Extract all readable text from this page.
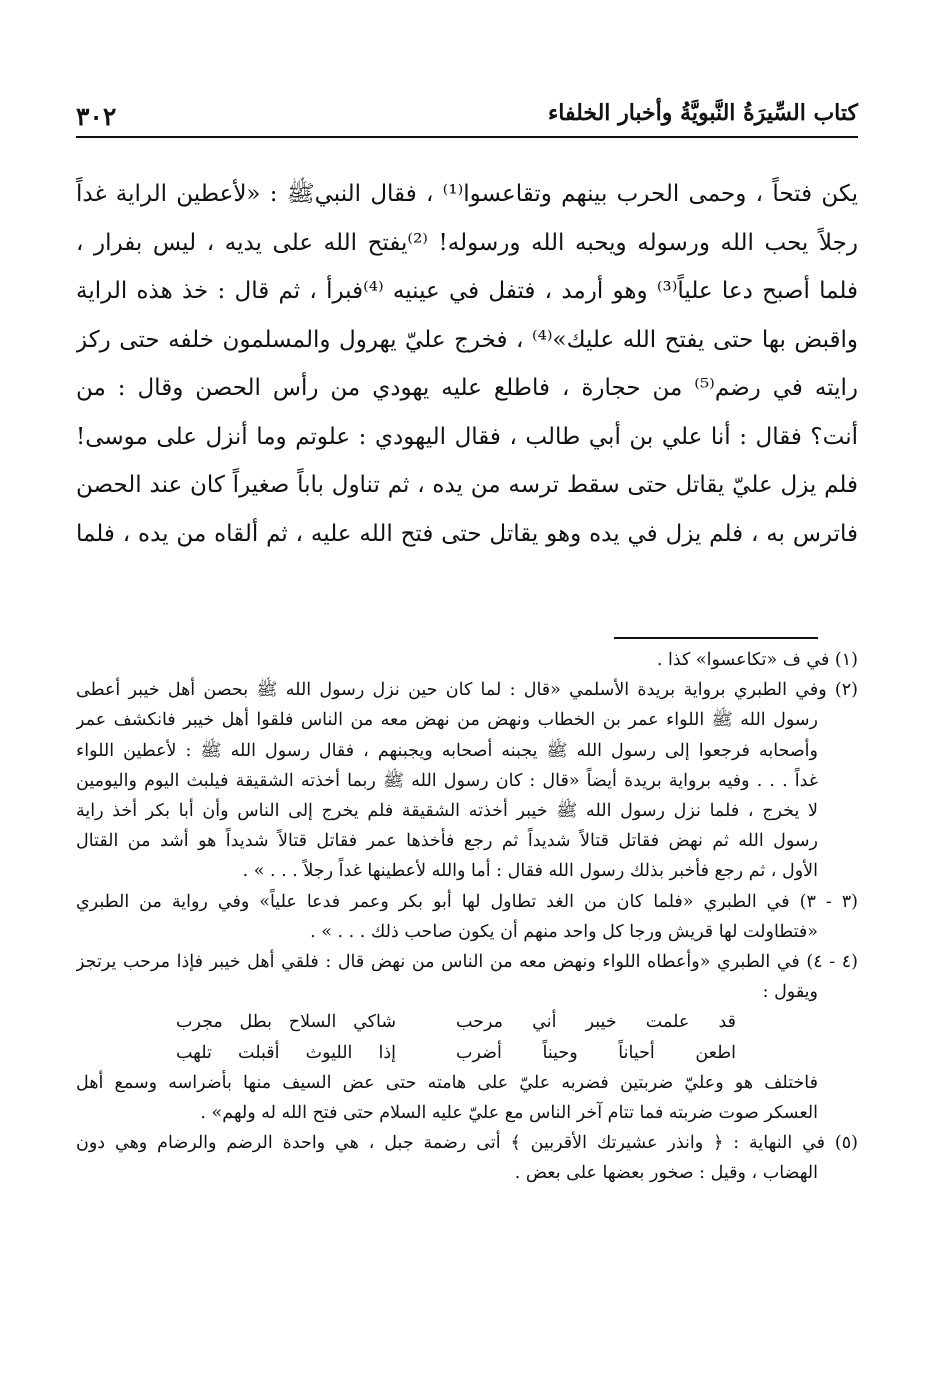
كتاب السِّيرَةُ النَّبويَّةُ وأخبار الخلفاء
٣٠٢
يكن فتحاً ، وحمى الحرب بينهم وتقاعسوا⁽¹⁾ ، فقال النبيﷺ : «لأعطين الراية غداً
رجلاً يحب الله ورسوله ويحبه الله ورسوله! ⁽²⁾يفتح الله على يديه ، ليس بفرار ،
فلما أصبح دعا علياً⁽³⁾ وهو أرمد ، فتفل في عينيه ⁽⁴⁾فبرأ ، ثم قال : خذ هذه الراية
واقبض بها حتى يفتح الله عليك»⁽⁴⁾ ، فخرج عليّ يهرول والمسلمون خلفه حتى ركز
رايته في رضم⁽⁵⁾ من حجارة ، فاطلع عليه يهودي من رأس الحصن وقال : من
أنت؟ فقال : أنا علي بن أبي طالب ، فقال اليهودي : علوتم وما أنزل على موسى!
فلم يزل عليّ يقاتل حتى سقط ترسه من يده ، ثم تناول باباً صغيراً كان عند الحصن
فاترس به ، فلم يزل في يده وهو يقاتل حتى فتح الله عليه ، ثم ألقاه من يده ، فلما
(١) في ف «تكاعسوا» كذا .
(٢) وفي الطبري برواية بريدة الأسلمي «قال : لما كان حين نزل رسول الله ﷺ بحصن أهل خيبر أعطى
رسول الله ﷺ اللواء عمر بن الخطاب ونهض من نهض معه من الناس فلقوا أهل خيبر فانكشف عمر
وأصحابه فرجعوا إلى رسول الله ﷺ يجبنه أصحابه ويجبنهم ، فقال رسول الله ﷺ : لأعطين اللواء
غداً . . . وفيه برواية بريدة أيضاً «قال : كان رسول الله ﷺ ربما أخذته الشقيقة فيلبث اليوم واليومين
لا يخرج ، فلما نزل رسول الله ﷺ خيبر أخذته الشقيقة فلم يخرج إلى الناس وأن أبا بكر أخذ راية
رسول الله ثم نهض فقاتل قتالاً شديداً ثم رجع فأخذها عمر فقاتل قتالاً شديداً هو أشد من القتال
الأول ، ثم رجع فأخبر بذلك رسول الله فقال : أما والله لأعطينها غداً رجلاً . . . » .
(٣ - ٣) في الطبري «فلما كان من الغد تطاول لها أبو بكر وعمر فدعا علياً» وفي رواية من الطبري
«فتطاولت لها قريش ورجا كل واحد منهم أن يكون صاحب ذلك . . . » .
(٤ - ٤) في الطبري «وأعطاه اللواء ونهض معه من الناس من نهض قال : فلقي أهل خيبر فإذا مرحب يرتجز
ويقول :
قد علمت خيبر أني مرحب
شاكي السلاح بطل مجرب
اطعن أحياناً وحيناً أضرب
إذا الليوث أقبلت تلهب
فاختلف هو وعليّ ضربتين فضربه عليّ على هامته حتى عض السيف منها بأضراسه وسمع أهل
العسكر صوت ضربته فما تتام آخر الناس مع عليّ عليه السلام حتى فتح الله له ولهم» .
(٥) في النهاية : ﴿ وانذر عشيرتك الأقربين ﴾ أتى رضمة جبل ، هي واحدة الرضم والرضام وهي دون
الهضاب ، وقيل : صخور بعضها على بعض .
